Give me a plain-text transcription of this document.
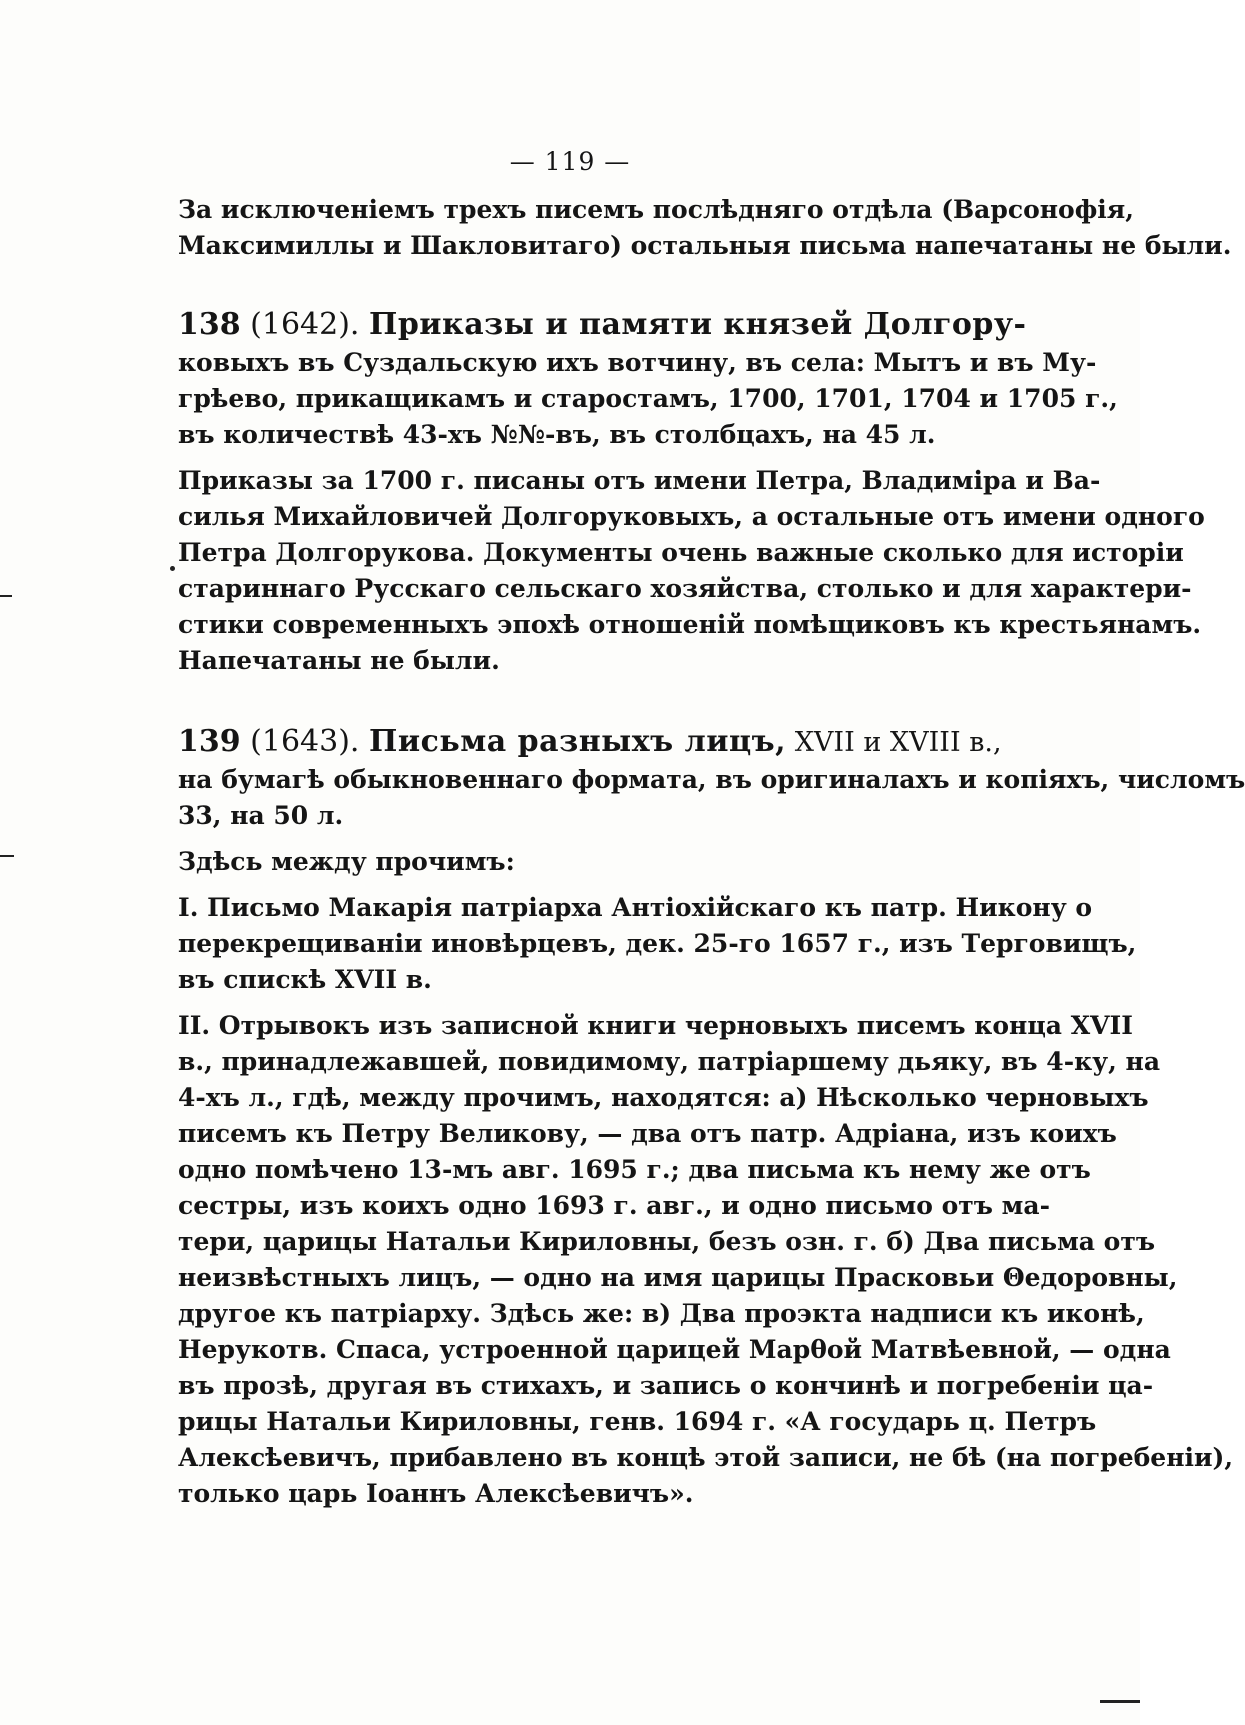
— 119 —
За исключеніемъ трехъ писемъ послѣдняго отдѣла (Варсонофія,
Максимиллы и Шакловитаго) остальныя письма напечатаны не были.
138 (1642). Приказы и памяти князей Долгору-
ковыхъ въ Суздальскую ихъ вотчину, въ села: Мытъ и въ Му-
грѣево, прикащикамъ и старостамъ, 1700, 1701, 1704 и 1705 г.,
въ количествѣ 43-хъ №№-въ, въ столбцахъ, на 45 л.
Приказы за 1700 г. писаны отъ имени Петра, Владиміра и Ва-
силья Михайловичей Долгоруковыхъ, а остальные отъ имени одного
Петра Долгорукова. Документы очень важные сколько для исторіи
стариннаго Русскаго сельскаго хозяйства, столько и для характери-
стики современныхъ эпохѣ отношеній помѣщиковъ къ крестьянамъ.
Напечатаны не были.
139 (1643). Письма разныхъ лицъ, XVII и XVIII в.,
на бумагѣ обыкновеннаго формата, въ оригиналахъ и копіяхъ, числомъ
33, на 50 л.
Здѣсь между прочимъ:
I. Письмо Макарія патріарха Антіохійскаго къ патр. Никону о
перекрещиваніи иновѣрцевъ, дек. 25-го 1657 г., изъ Терговищъ,
въ спискѣ XVII в.
II. Отрывокъ изъ записной книги черновыхъ писемъ конца XVII
в., принадлежавшей, повидимому, патріаршему дьяку, въ 4-ку, на
4-хъ л., гдѣ, между прочимъ, находятся: а) Нѣсколько черновыхъ
писемъ къ Петру Великову, — два отъ патр. Адріана, изъ коихъ
одно помѣчено 13-мъ авг. 1695 г.; два письма къ нему же отъ
сестры, изъ коихъ одно 1693 г. авг., и одно письмо отъ ма-
тери, царицы Натальи Кириловны, безъ озн. г. б) Два письма отъ
неизвѣстныхъ лицъ, — одно на имя царицы Прасковьи Θедоровны,
другое къ патріарху. Здѣсь же: в) Два проэкта надписи къ иконѣ,
Нерукотв. Спаса, устроенной царицей Марθой Матвѣевной, — одна
въ прозѣ, другая въ стихахъ, и запись о кончинѣ и погребеніи ца-
рицы Натальи Кириловны, генв. 1694 г. «А государь ц. Петръ
Алексѣевичъ, прибавлено въ концѣ этой записи, не бѣ (на погребеніи),
только царь Іоаннъ Алексѣевичъ».
